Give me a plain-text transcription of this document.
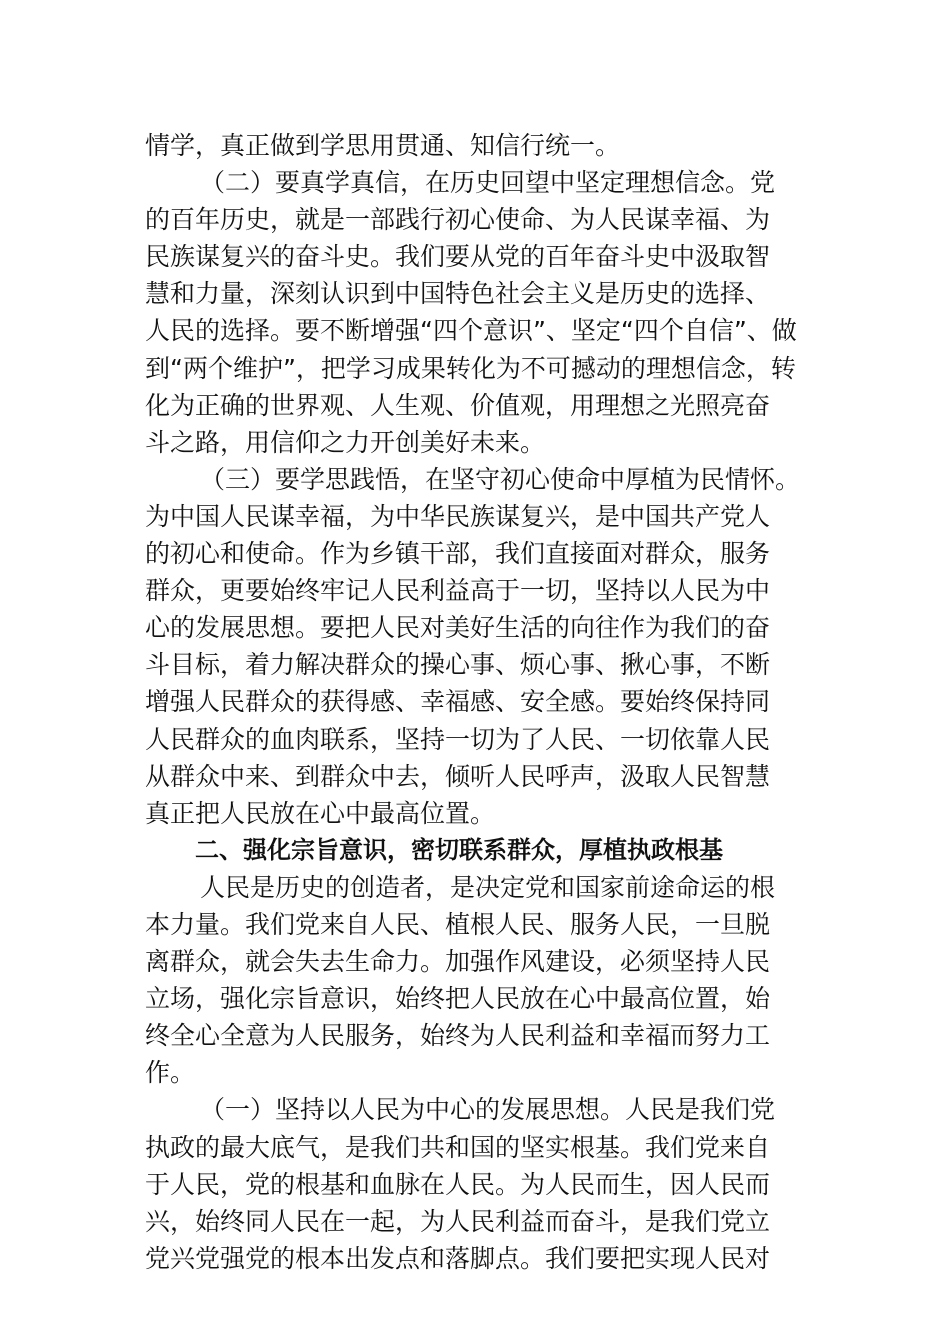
情学，真正做到学思用贯通、知信行统一。
（二）要真学真信，在历史回望中坚定理想信念。党
的百年历史，就是一部践行初心使命、为人民谋幸福、为
民族谋复兴的奋斗史。我们要从党的百年奋斗史中汲取智
慧和力量，深刻认识到中国特色社会主义是历史的选择、
人民的选择。要不断增强“四个意识”、坚定“四个自信”、做
到“两个维护”，把学习成果转化为不可撼动的理想信念，转
化为正确的世界观、人生观、价值观，用理想之光照亮奋
斗之路，用信仰之力开创美好未来。
（三）要学思践悟，在坚守初心使命中厚植为民情怀。
为中国人民谋幸福，为中华民族谋复兴，是中国共产党人
的初心和使命。作为乡镇干部，我们直接面对群众，服务
群众，更要始终牢记人民利益高于一切，坚持以人民为中
心的发展思想。要把人民对美好生活的向往作为我们的奋
斗目标，着力解决群众的操心事、烦心事、揪心事，不断
增强人民群众的获得感、幸福感、安全感。要始终保持同
人民群众的血肉联系，坚持一切为了人民、一切依靠人民
从群众中来、到群众中去，倾听人民呼声，汲取人民智慧
真正把人民放在心中最高位置。
二、强化宗旨意识，密切联系群众，厚植执政根基
人民是历史的创造者，是决定党和国家前途命运的根
本力量。我们党来自人民、植根人民、服务人民，一旦脱
离群众，就会失去生命力。加强作风建设，必须坚持人民
立场，强化宗旨意识，始终把人民放在心中最高位置，始
终全心全意为人民服务，始终为人民利益和幸福而努力工
作。
（一）坚持以人民为中心的发展思想。人民是我们党
执政的最大底气，是我们共和国的坚实根基。我们党来自
于人民，党的根基和血脉在人民。为人民而生，因人民而
兴，始终同人民在一起，为人民利益而奋斗，是我们党立
党兴党强党的根本出发点和落脚点。我们要把实现人民对
